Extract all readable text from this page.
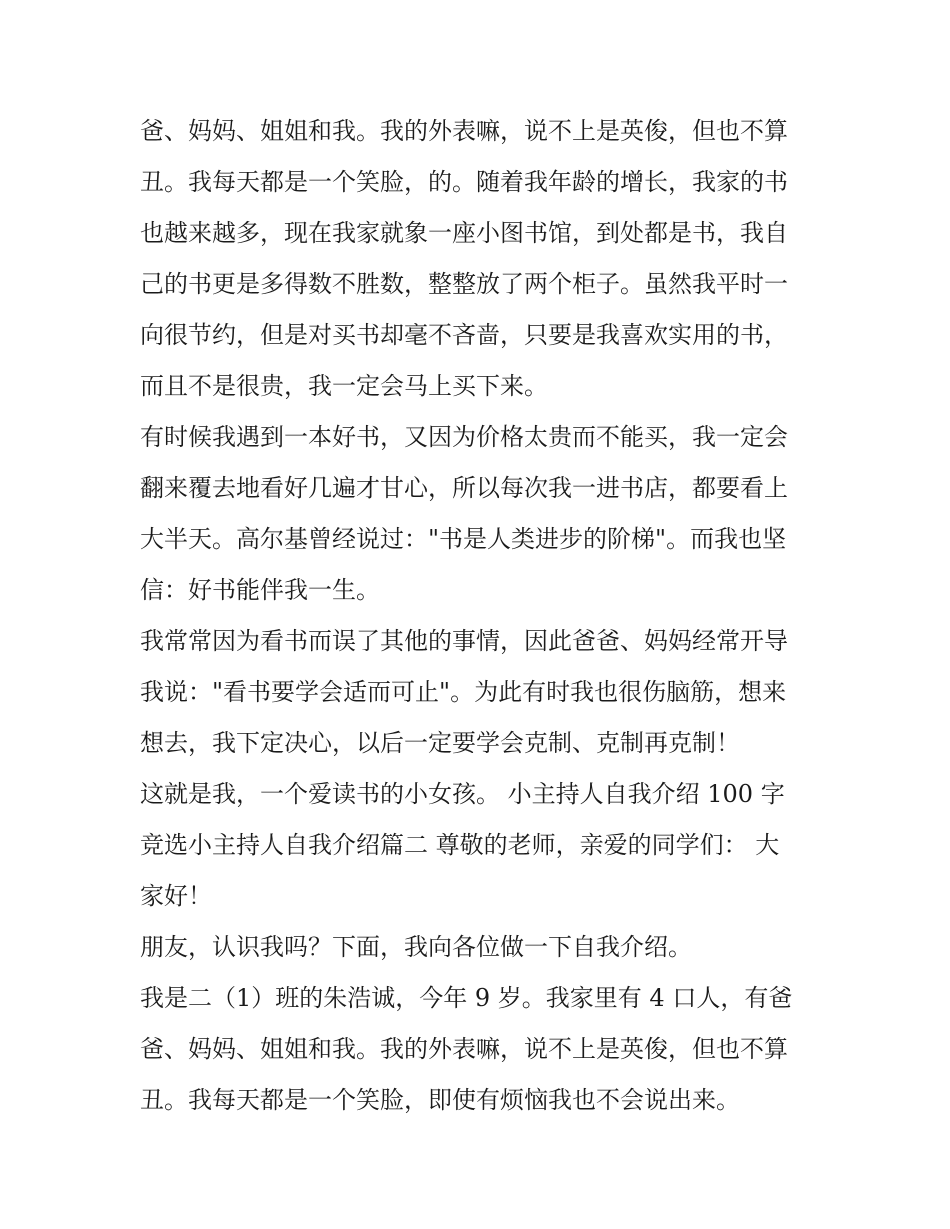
爸、妈妈、姐姐和我。我的外表嘛，说不上是英俊，但也不算
丑。我每天都是一个笑脸，的。随着我年龄的增长，我家的书
也越来越多，现在我家就象一座小图书馆，到处都是书，我自
己的书更是多得数不胜数，整整放了两个柜子。虽然我平时一
向很节约，但是对买书却毫不吝啬，只要是我喜欢实用的书，
而且不是很贵，我一定会马上买下来。
有时候我遇到一本好书，又因为价格太贵而不能买，我一定会
翻来覆去地看好几遍才甘心，所以每次我一进书店，都要看上
大半天。高尔基曾经说过："书是人类进步的阶梯"。而我也坚
信：好书能伴我一生。
我常常因为看书而误了其他的事情，因此爸爸、妈妈经常开导
我说："看书要学会适而可止"。为此有时我也很伤脑筋，想来
想去，我下定决心，以后一定要学会克制、克制再克制！
这就是我，一个爱读书的小女孩。 小主持人自我介绍 100 字
竞选小主持人自我介绍篇二 尊敬的老师，亲爱的同学们： 大
家好！
朋友，认识我吗？下面，我向各位做一下自我介绍。
我是二（1）班的朱浩诚，今年 9 岁。我家里有 4 口人，有爸
爸、妈妈、姐姐和我。我的外表嘛，说不上是英俊，但也不算
丑。我每天都是一个笑脸，即使有烦恼我也不会说出来。
